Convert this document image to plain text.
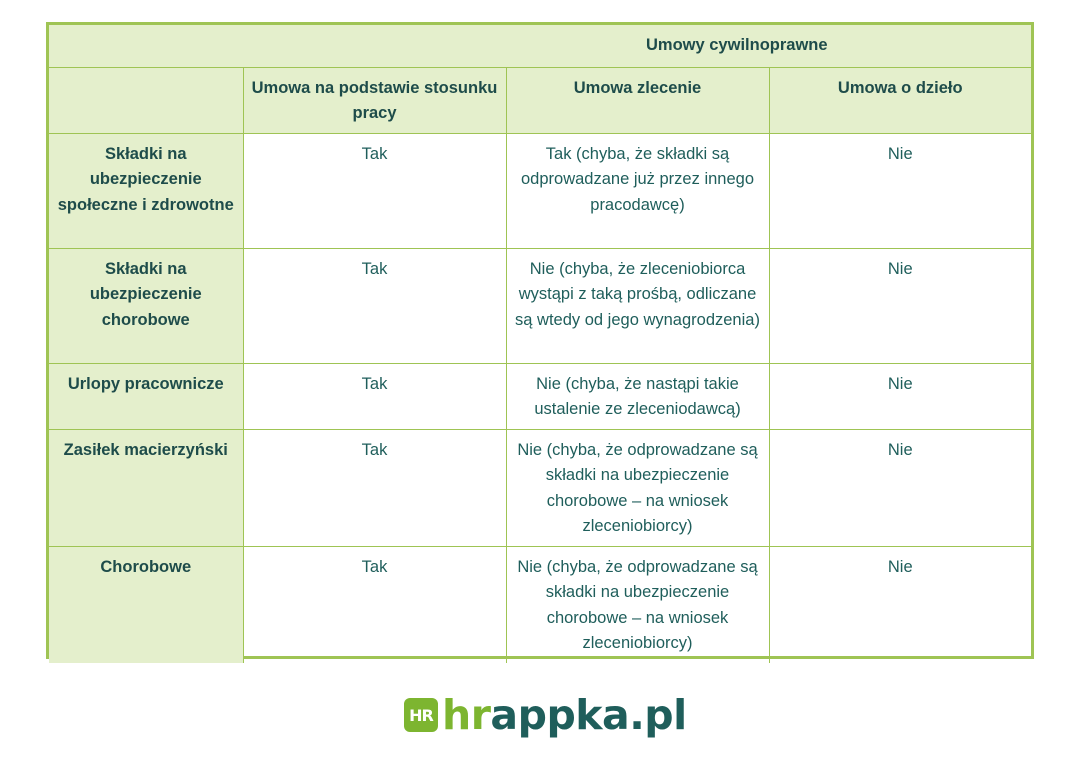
		Umowy cywilnoprawne	
	Umowa na podstawie stosunku pracy	Umowa zlecenie	Umowa o dzieło
Składki na ubezpieczenie społeczne i zdrowotne	Tak	Tak (chyba, że składki są odprowadzane już przez innego pracodawcę)	Nie
Składki na ubezpieczenie chorobowe	Tak	Nie (chyba, że zleceniobiorca wystąpi z taką prośbą, odliczane są wtedy od jego wynagrodzenia)	Nie
Urlopy pracownicze	Tak	Nie (chyba, że nastąpi takie ustalenie ze zleceniodawcą)	Nie
Zasiłek macierzyński	Tak	Nie (chyba, że odprowadzane są składki na ubezpieczenie chorobowe – na wniosek zleceniobiorcy)	Nie
Chorobowe	Tak	Nie (chyba, że odprowadzane są składki na ubezpieczenie chorobowe – na wniosek zleceniobiorcy)	Nie
HR hrappka.pl
